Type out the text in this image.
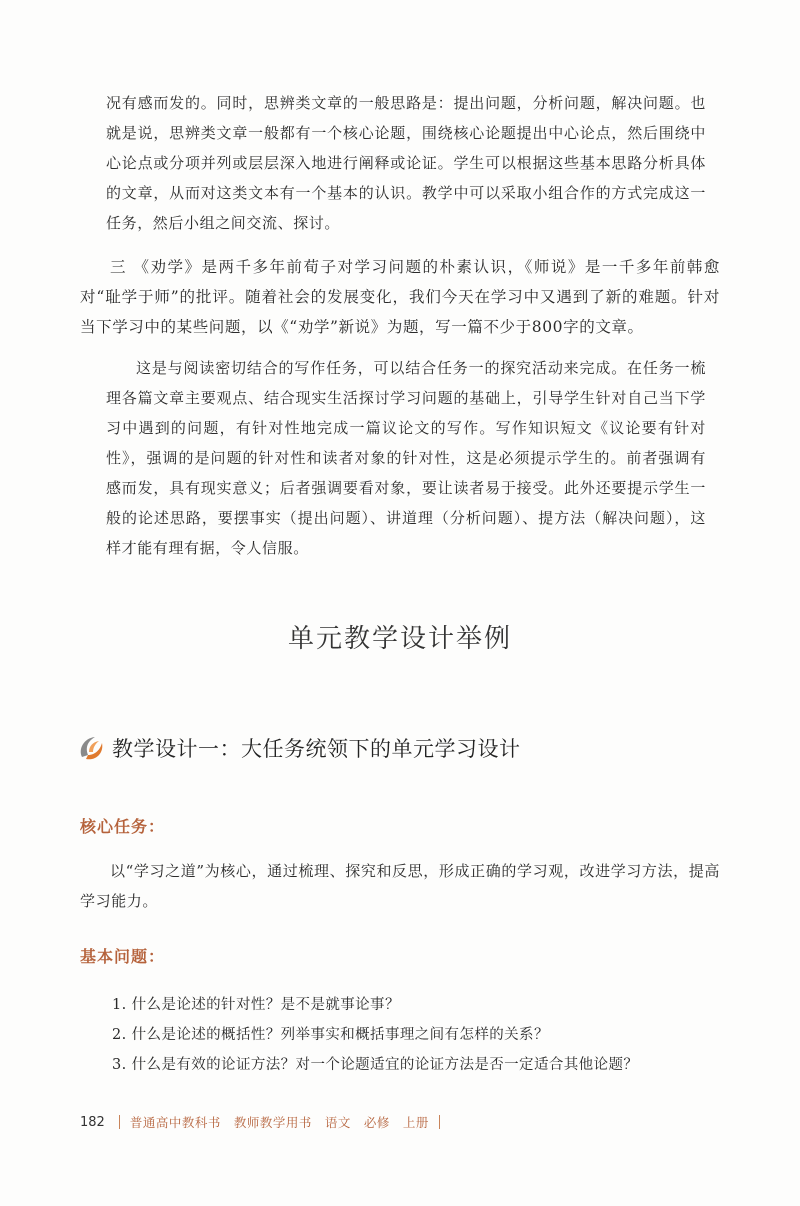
况有感而发的。同时，思辨类文章的一般思路是：提出问题，分析问题，解决问题。也就是说，思辨类文章一般都有一个核心论题，围绕核心论题提出中心论点，然后围绕中心论点或分项并列或层层深入地进行阐释或论证。学生可以根据这些基本思路分析具体的文章，从而对这类文本有一个基本的认识。教学中可以采取小组合作的方式完成这一任务，然后小组之间交流、探讨。

三 《劝学》是两千多年前荀子对学习问题的朴素认识，《师说》是一千多年前韩愈对“耻学于师”的批评。随着社会的发展变化，我们今天在学习中又遇到了新的难题。针对当下学习中的某些问题，以《“劝学”新说》为题，写一篇不少于800字的文章。

这是与阅读密切结合的写作任务，可以结合任务一的探究活动来完成。在任务一梳理各篇文章主要观点、结合现实生活探讨学习问题的基础上，引导学生针对自己当下学习中遇到的问题，有针对性地完成一篇议论文的写作。写作知识短文《议论要有针对性》，强调的是问题的针对性和读者对象的针对性，这是必须提示学生的。前者强调有感而发，具有现实意义；后者强调要看对象，要让读者易于接受。此外还要提示学生一般的论述思路，要摆事实（提出问题）、讲道理（分析问题）、提方法（解决问题），这样才能有理有据，令人信服。

单元教学设计举例
教学设计一：大任务统领下的单元学习设计
核心任务：

以“学习之道”为核心，通过梳理、探究和反思，形成正确的学习观，改进学习方法，提高学习能力。

基本问题：
1. 什么是论述的针对性？是不是就事论事？
2. 什么是论述的概括性？列举事实和概括事理之间有怎样的关系？
3. 什么是有效的论证方法？对一个论题适宜的论证方法是否一定适合其他论题？
182 普通高中教科书　教师教学用书　语文　必修　上册
